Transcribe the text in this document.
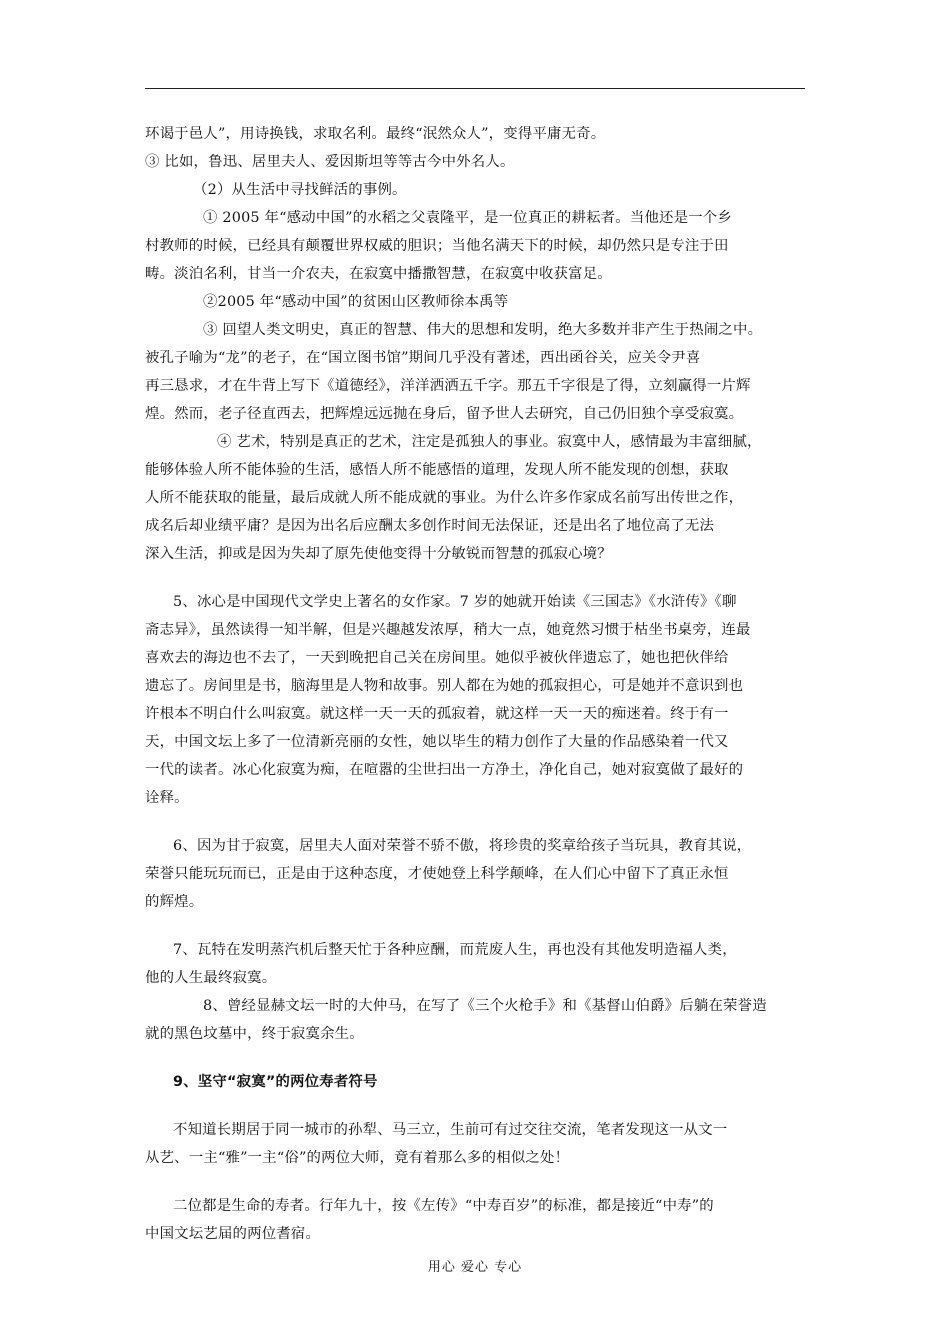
环谒于邑人”，用诗换钱，求取名利。最终“泯然众人”，变得平庸无奇。
③ 比如，鲁迅、居里夫人、爱因斯坦等等古今中外名人。
（2）从生活中寻找鲜活的事例。
① 2005 年“感动中国”的水稻之父袁隆平，是一位真正的耕耘者。当他还是一个乡
村教师的时候，已经具有颠覆世界权威的胆识；当他名满天下的时候，却仍然只是专注于田
畴。淡泊名利，甘当一介农夫，在寂寞中播撒智慧，在寂寞中收获富足。
②2005 年“感动中国”的贫困山区教师徐本禹等
③ 回望人类文明史，真正的智慧、伟大的思想和发明，绝大多数并非产生于热闹之中。
被孔子喻为“龙”的老子，在“国立图书馆”期间几乎没有著述，西出函谷关，应关令尹喜
再三恳求，才在牛背上写下《道德经》，洋洋洒洒五千字。那五千字很是了得，立刻赢得一片辉
煌。然而，老子径直西去，把辉煌远远抛在身后，留予世人去研究，自己仍旧独个享受寂寞。
④ 艺术，特别是真正的艺术，注定是孤独人的事业。寂寞中人，感情最为丰富细腻，
能够体验人所不能体验的生活，感悟人所不能感悟的道理，发现人所不能发现的创想，获取
人所不能获取的能量，最后成就人所不能成就的事业。为什么许多作家成名前写出传世之作，
成名后却业绩平庸？是因为出名后应酬太多创作时间无法保证，还是出名了地位高了无法
深入生活，抑或是因为失却了原先使他变得十分敏锐而智慧的孤寂心境？
5、冰心是中国现代文学史上著名的女作家。7 岁的她就开始读《三国志》《水浒传》《聊
斋志异》，虽然读得一知半解，但是兴趣越发浓厚，稍大一点，她竟然习惯于枯坐书桌旁，连最
喜欢去的海边也不去了，一天到晚把自己关在房间里。她似乎被伙伴遗忘了，她也把伙伴给
遗忘了。房间里是书，脑海里是人物和故事。别人都在为她的孤寂担心，可是她并不意识到也
许根本不明白什么叫寂寞。就这样一天一天的孤寂着，就这样一天一天的痴迷着。终于有一
天，中国文坛上多了一位清新亮丽的女性，她以毕生的精力创作了大量的作品感染着一代又
一代的读者。冰心化寂寞为痴，在喧嚣的尘世扫出一方净土，净化自己，她对寂寞做了最好的
诠释。
6、因为甘于寂寞，居里夫人面对荣誉不骄不傲，将珍贵的奖章给孩子当玩具，教育其说，
荣誉只能玩玩而已，正是由于这种态度，才使她登上科学颠峰，在人们心中留下了真正永恒
的辉煌。
7、瓦特在发明蒸汽机后整天忙于各种应酬，而荒废人生，再也没有其他发明造福人类，
他的人生最终寂寞。
8、曾经显赫文坛一时的大仲马，在写了《三个火枪手》和《基督山伯爵》后躺在荣誉造
就的黑色坟墓中，终于寂寞余生。
9、坚守“寂寞”的两位寿者符号
不知道长期居于同一城市的孙犁、马三立，生前可有过交往交流，笔者发现这一从文一
从艺、一主“雅”一主“俗”的两位大师，竟有着那么多的相似之处！
二位都是生命的寿者。行年九十，按《左传》“中寿百岁”的标准，都是接近“中寿”的
中国文坛艺届的两位耆宿。
用心 爱心 专心
